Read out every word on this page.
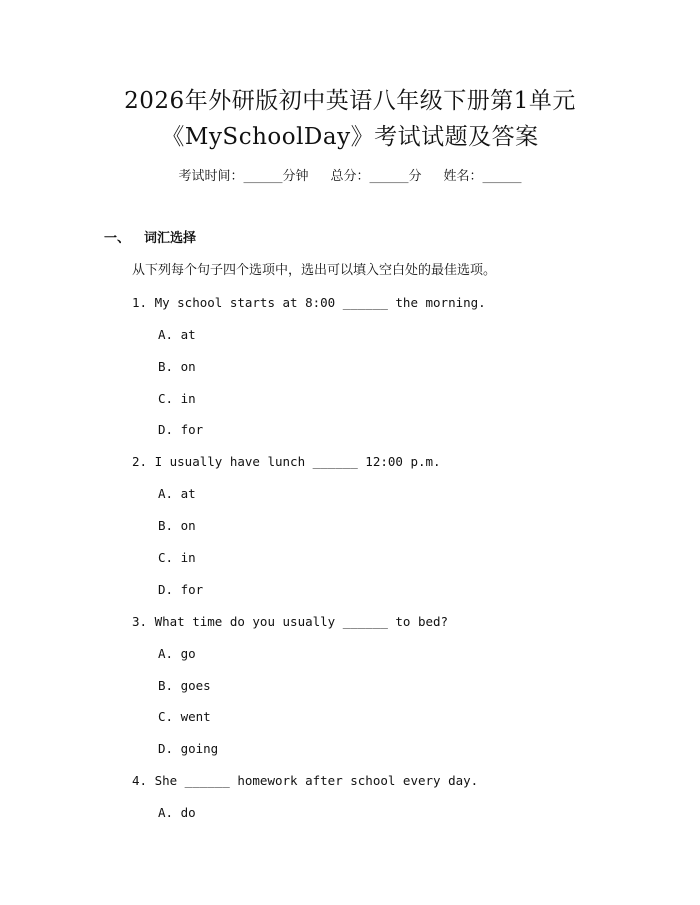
2026年外研版初中英语八年级下册第1单元
《MySchoolDay》考试试题及答案
考试时间：______分钟 总分：______分 姓名：______
一、 词汇选择
从下列每个句子四个选项中，选出可以填入空白处的最佳选项。
1. My school starts at 8:00 ______ the morning.
A. at
B. on
C. in
D. for
2. I usually have lunch ______ 12:00 p.m.
A. at
B. on
C. in
D. for
3. What time do you usually ______ to bed?
A. go
B. goes
C. went
D. going
4. She ______ homework after school every day.
A. do
